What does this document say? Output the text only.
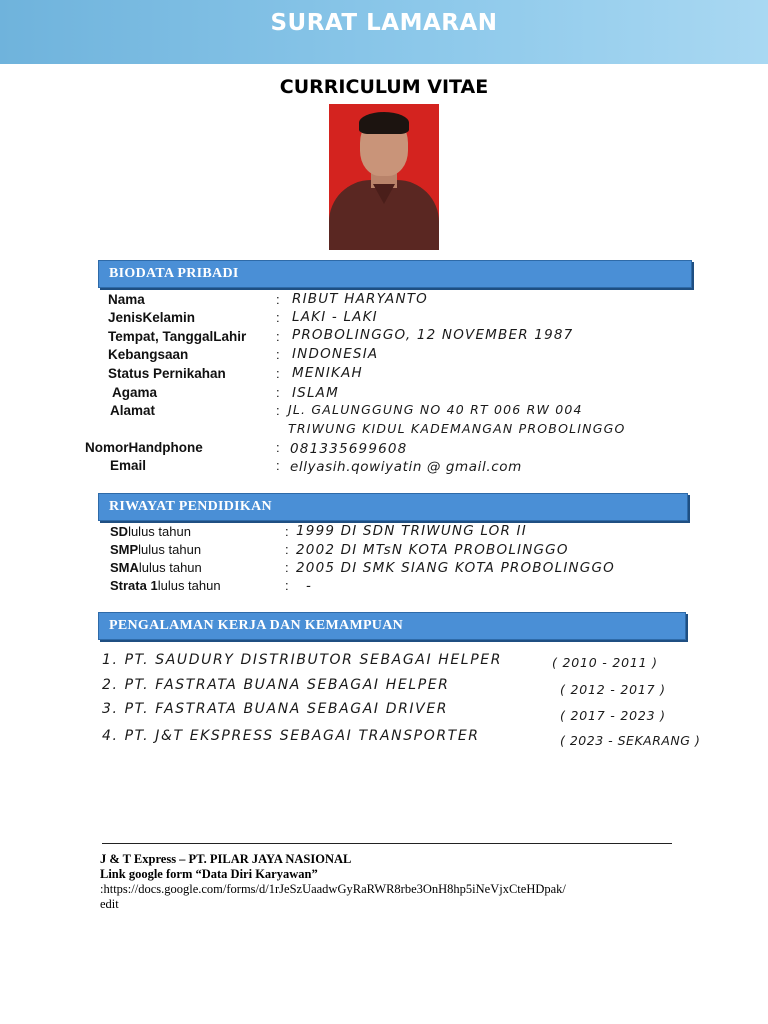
SURAT LAMARAN
CURRICULUM VITAE
BIODATA PRIBADI
Nama	: RIBUT HARYANTO
JenisKelamin	: LAKI - LAKI
Tempat, TanggalLahir : PROBOLINGGO, 12 NOVEMBER 1987
Kebangsaan	: INDONESIA
Status Pernikahan	: MENIKAH
Agama	: ISLAM
Alamat	: JL. GALUNGGUNG NO 40 RT 006 RW 004
TRIWUNG KIDUL KADEMANGAN PROBOLINGGO
NomorHandphone	: 081335699608
Email	: ellyasih.qowiyatin @ gmail.com
RIWAYAT PENDIDIKAN
SDlulus tahun	: 1999 DI SDN TRIWUNG LOR II
SMPlulus tahun	: 2002 DI MTsN KOTA PROBOLINGGO
SMAlulus tahun	: 2005 DI SMK SIANG KOTA PROBOLINGGO
Strata 1lulus tahun	: -
PENGALAMAN KERJA DAN KEMAMPUAN
1. PT. SAUDURY DISTRIBUTOR SEBAGAI HELPER	( 2010 - 2011 )
2. PT. FASTRATA BUANA SEBAGAI HELPER	( 2012 - 2017 )
3. PT. FASTRATA BUANA SEBAGAI DRIVER	( 2017 - 2023 )
4. PT. J&T EKSPRESS SEBAGAI TRANSPORTER	( 2023 - SEKARANG )
J & T Express – PT. PILAR JAYA NASIONAL
Link google form “Data Diri Karyawan”
:https://docs.google.com/forms/d/1rJeSzUaadwGyRaRWR8rbe3OnH8hp5iNeVjxCteHDpak/
edit
